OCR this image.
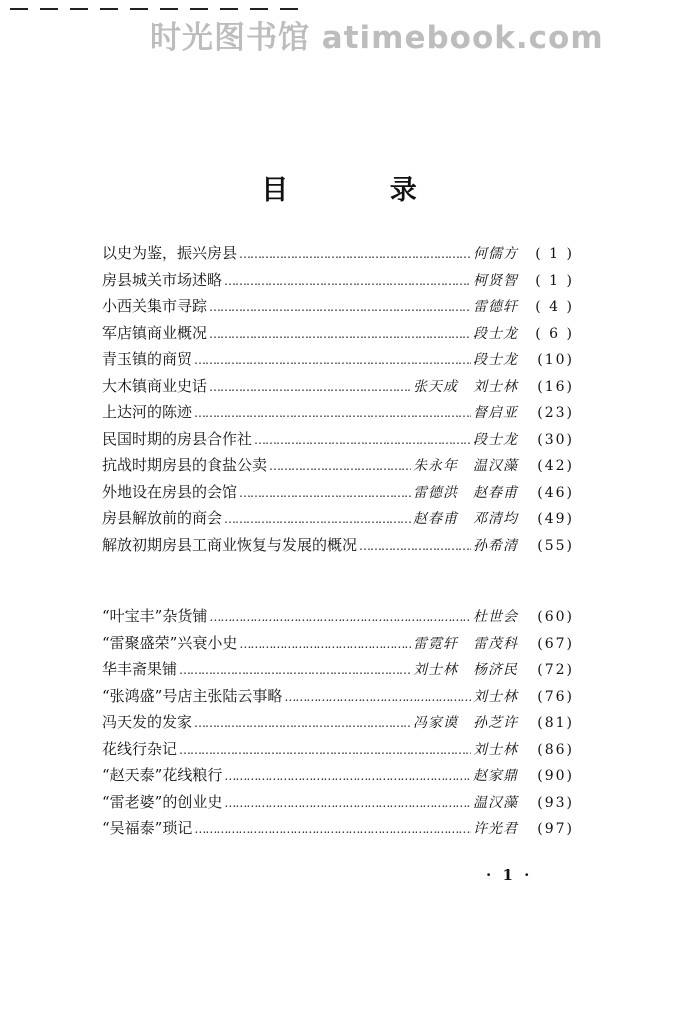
时光图书馆 atimebook.com
目 录
以史为鉴，振兴房县 …………………………………………………………………………………………………………………………………………	何儒方	( 1 )
房县城关市场述略 …………………………………………………………………………………………………………………………………………	柯贤智	( 1 )
小西关集市寻踪 …………………………………………………………………………………………………………………………………………	雷德轩	( 4 )
军店镇商业概况 …………………………………………………………………………………………………………………………………………	段士龙	( 6 )
青玉镇的商贸 …………………………………………………………………………………………………………………………………………	段士龙	(10)
大木镇商业史话 …………………………………………………………………………………………………………………………………………	张天成　刘士林	(16)
上达河的陈迹 …………………………………………………………………………………………………………………………………………	督启亚	(23)
民国时期的房县合作社 …………………………………………………………………………………………………………………………………………	段士龙	(30)
抗战时期房县的食盐公卖 …………………………………………………………………………………………………………………………………………	朱永年　温汉藻	(42)
外地设在房县的会馆 …………………………………………………………………………………………………………………………………………	雷德洪　赵春甫	(46)
房县解放前的商会 …………………………………………………………………………………………………………………………………………	赵春甫　邓清均	(49)
解放初期房县工商业恢复与发展的概况 …………………………………………………………………………………………………………………………………………	孙希清	(55)
“叶宝丰”杂货铺 …………………………………………………………………………………………………………………………………………	杜世会	(60)
“雷聚盛荣”兴衰小史 …………………………………………………………………………………………………………………………………………	雷霓轩　雷茂科	(67)
华丰斋果铺 …………………………………………………………………………………………………………………………………………	刘士林　杨济民	(72)
“张鸿盛”号店主张陆云事略 …………………………………………………………………………………………………………………………………………	刘士林	(76)
冯天发的发家 …………………………………………………………………………………………………………………………………………	冯家谟　孙芝许	(81)
花线行杂记 …………………………………………………………………………………………………………………………………………	刘士林	(86)
“赵天泰”花线粮行 …………………………………………………………………………………………………………………………………………	赵家鼎	(90)
“雷老婆”的创业史 …………………………………………………………………………………………………………………………………………	温汉藻	(93)
“吴福泰”琐记 …………………………………………………………………………………………………………………………………………	许光君	(97)
· 1 ·
